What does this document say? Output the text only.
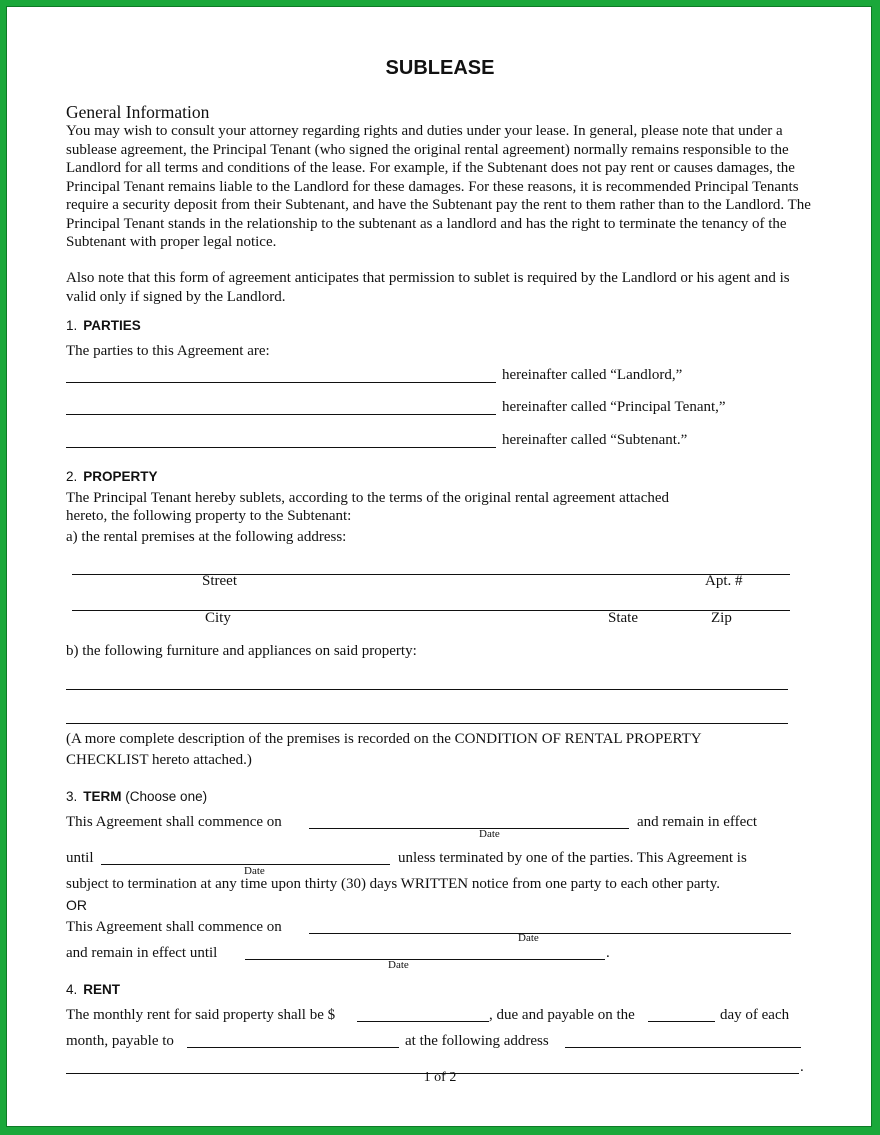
SUBLEASE
General Information
You may wish to consult your attorney regarding rights and duties under your lease. In general, please note that under a sublease agreement, the Principal Tenant (who signed the original rental agreement) normally remains responsible to the Landlord for all terms and conditions of the lease. For example, if the Subtenant does not pay rent or causes damages, the Principal Tenant remains liable to the Landlord for these damages. For these reasons, it is recommended Principal Tenants require a security deposit from their Subtenant, and have the Subtenant pay the rent to them rather than to the Landlord. The Principal Tenant stands in the relationship to the subtenant as a landlord and has the right to terminate the tenancy of the Subtenant with proper legal notice.
Also note that this form of agreement anticipates that permission to sublet is required by the Landlord or his agent and is valid only if signed by the Landlord.
1. PARTIES
The parties to this Agreement are:
hereinafter called “Landlord,”
hereinafter called “Principal Tenant,”
hereinafter called “Subtenant.”
2. PROPERTY
The Principal Tenant hereby sublets, according to the terms of the original rental agreement attached
hereto, the following property to the Subtenant:
a) the rental premises at the following address:
Street	Apt. #
City	State	Zip
b) the following furniture and appliances on said property:
(A more complete description of the premises is recorded on the CONDITION OF RENTAL PROPERTY
CHECKLIST hereto attached.)
3. TERM (Choose one)
This Agreement shall commence on
Date
and remain in effect
until
Date
unless terminated by one of the parties. This Agreement is
subject to termination at any time upon thirty (30) days WRITTEN notice from one party to each other party.
OR
This Agreement shall commence on
Date
and remain in effect until	.
Date
4. RENT
The monthly rent for said property shall be $	, due and payable on the	day of each
month, payable to	at the following address
.
1 of 2
